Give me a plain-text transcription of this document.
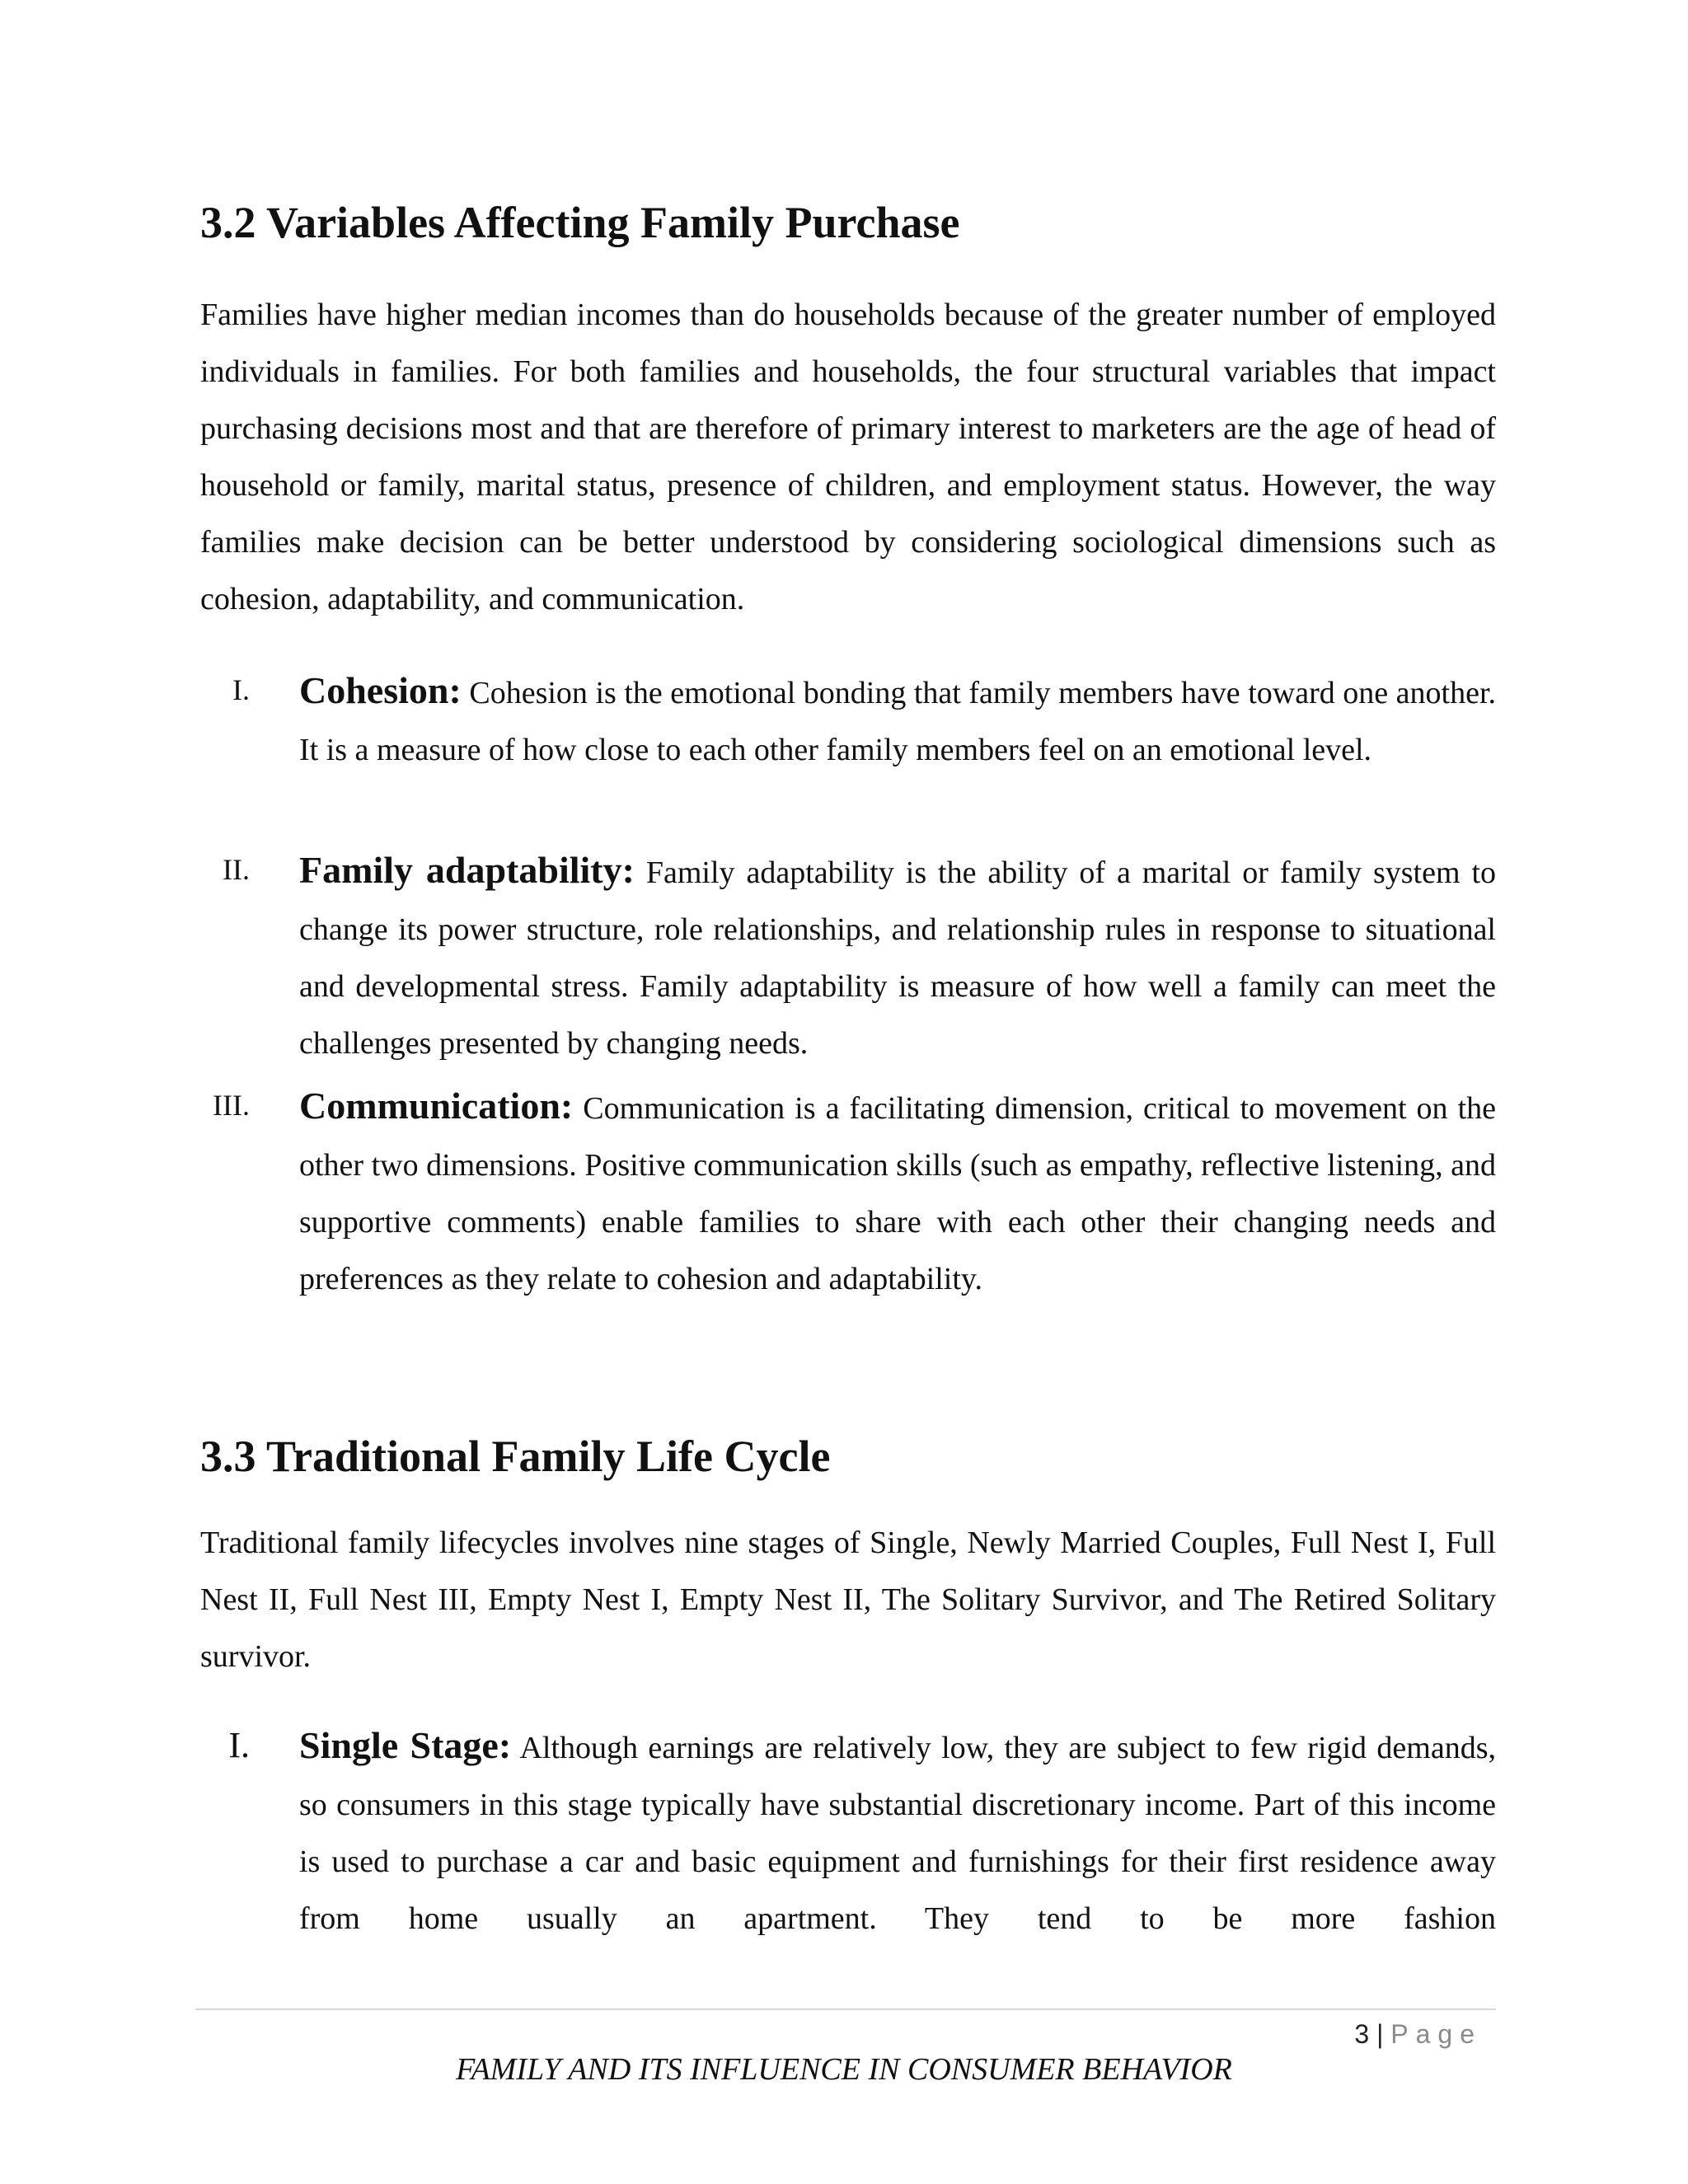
3.2 Variables Affecting Family Purchase

Families have higher median incomes than do households because of the greater number of employed individuals in families. For both families and households, the four structural variables that impact purchasing decisions most and that are therefore of primary interest to marketers are the age of head of household or family, marital status, presence of children, and employment status. However, the way families make decision can be better understood by considering sociological dimensions such as cohesion, adaptability, and communication.

I. Cohesion: Cohesion is the emotional bonding that family members have toward one another. It is a measure of how close to each other family members feel on an emotional level.

II. Family adaptability: Family adaptability is the ability of a marital or family system to change its power structure, role relationships, and relationship rules in response to situational and developmental stress. Family adaptability is measure of how well a family can meet the challenges presented by changing needs.

III. Communication: Communication is a facilitating dimension, critical to movement on the other two dimensions. Positive communication skills (such as empathy, reflective listening, and supportive comments) enable families to share with each other their changing needs and preferences as they relate to cohesion and adaptability.

3.3 Traditional Family Life Cycle

Traditional family lifecycles involves nine stages of Single, Newly Married Couples, Full Nest I, Full Nest II, Full Nest III, Empty Nest I, Empty Nest II, The Solitary Survivor, and The Retired Solitary survivor.

I. Single Stage: Although earnings are relatively low, they are subject to few rigid demands, so consumers in this stage typically have substantial discretionary income. Part of this income is used to purchase a car and basic equipment and furnishings for their first residence away from home usually an apartment. They tend to be more fashion

3 | Page
FAMILY AND ITS INFLUENCE IN CONSUMER BEHAVIOR
